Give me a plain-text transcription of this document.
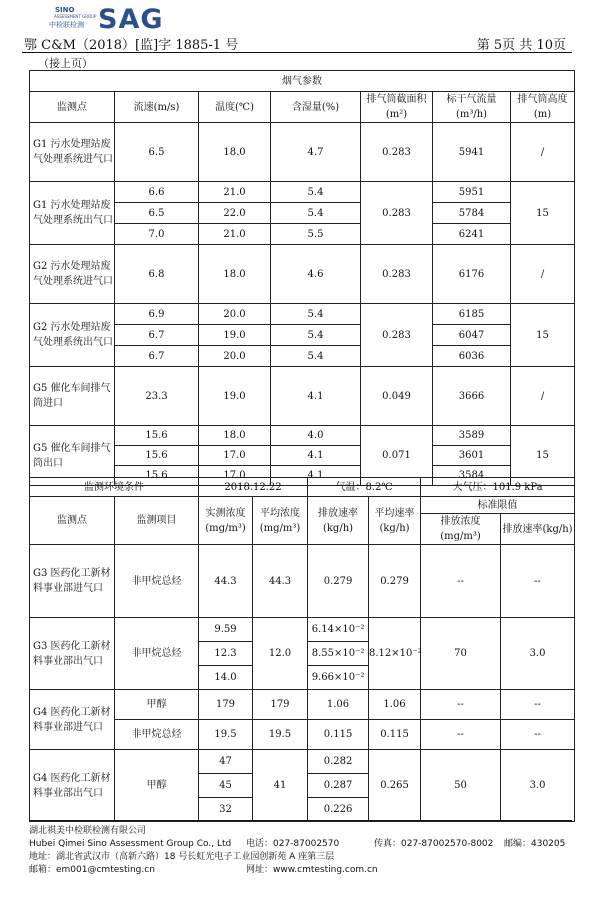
SINO
ASSESSMENT GROUP
中检联检测 SAG
鄂 C&M（2018）[监]字 1885-1 号	第 5页 共 10页
（接上页）
烟气参数						
监测点	流速(m/s)	温度(℃)	含湿量(%)	排气筒截面积(m²)	标干气流量(m³/h)	排气筒高度(m)
G1 污水处理站废气处理系统进气口	6.5	18.0	4.7	0.283	5941	/
G1 污水处理站废气处理系统出气口	6.6	21.0	5.4	0.283	5951	15
	6.5	22.0	5.4		5784	
	7.0	21.0	5.5		6241	
G2 污水处理站废气处理系统进气口	6.8	18.0	4.6	0.283	6176	/
G2 污水处理站废气处理系统出气口	6.9	20.0	5.4	0.283	6185	15
	6.7	19.0	5.4		6047	
	6.7	20.0	5.4		6036	
G5 催化车间排气筒进口	23.3	19.0	4.1	0.049	3666	/
G5 催化车间排气筒出口	15.6	18.0	4.0	0.071	3589	15
	15.6	17.0	4.1		3601	
	15.6	17.0	4.1		3584	
监测环境条件		2018.12.22		气温：8.2℃		大气压：101.9 kPa	
监测点	监测项目	实测浓度(mg/m³)	平均浓度(mg/m³)	排放速率(kg/h)	平均速率(kg/h)	标准限值	
						排放浓度(mg/m³)	排放速率(kg/h)
G3 医药化工新材料事业部进气口	非甲烷总烃	44.3	44.3	0.279	0.279	--	--
G3 医药化工新材料事业部出气口	非甲烷总烃	9.59	12.0	6.14×10⁻²	8.12×10⁻²	70	3.0
		12.3		8.55×10⁻²			
		14.0		9.66×10⁻²			
G4 医药化工新材料事业部进气口	甲醇	179	179	1.06	1.06	--	--
	非甲烷总烃	19.5	19.5	0.115	0.115	--	--
G4 医药化工新材料事业部出气口	甲醇	47	41	0.282	0.265	50	3.0
		45		0.287			
		32		0.226			
湖北祺美中检联检测有限公司
Hubei Qimei Sino Assessment Group Co., Ltd 电话：027-87002570	传真：027-87002570-8002 邮编：430205
地址：湖北省武汉市（高新六路）18 号长虹光电子工业园创新苑 A 座第三层
邮箱：em001@cmtesting.cn	网址：www.cmtesting.com.cn
